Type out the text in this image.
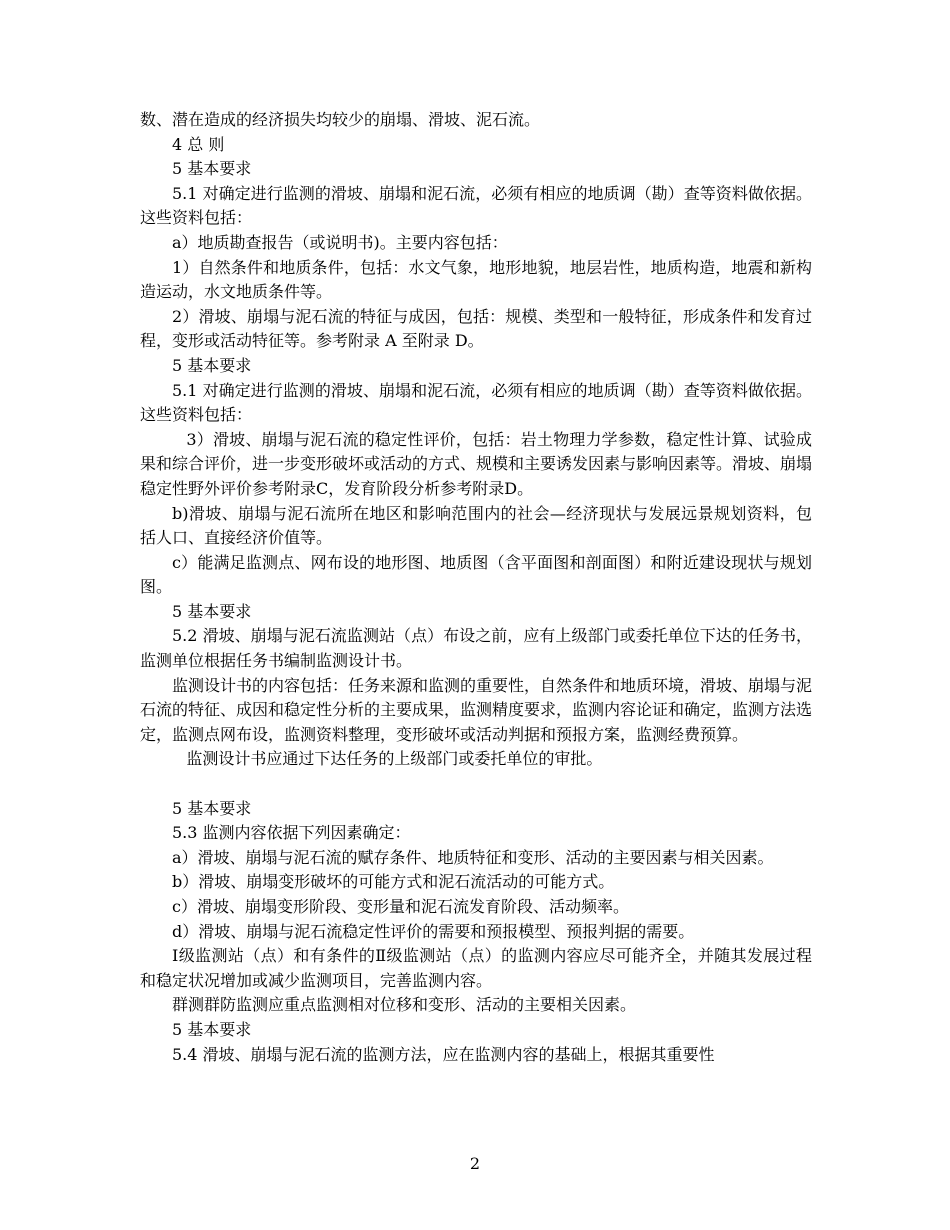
数、潜在造成的经济损失均较少的崩塌、滑坡、泥石流。

4 总 则

5 基本要求

5.1 对确定进行监测的滑坡、崩塌和泥石流，必须有相应的地质调（勘）查等资料做依据。这些资料包括：

a）地质勘查报告（或说明书)。主要内容包括：

1）自然条件和地质条件，包括：水文气象，地形地貌，地层岩性，地质构造，地震和新构造运动，水文地质条件等。

2）滑坡、崩塌与泥石流的特征与成因，包括：规模、类型和一般特征，形成条件和发育过程，变形或活动特征等。参考附录 A 至附录 D。

5 基本要求

5.1 对确定进行监测的滑坡、崩塌和泥石流，必须有相应的地质调（勘）查等资料做依据。这些资料包括：

3）滑坡、崩塌与泥石流的稳定性评价，包括：岩土物理力学参数，稳定性计算、试验成果和综合评价，进一步变形破坏或活动的方式、规模和主要诱发因素与影响因素等。滑坡、崩塌稳定性野外评价参考附录C，发育阶段分析参考附录D。

b)滑坡、崩塌与泥石流所在地区和影响范围内的社会—经济现状与发展远景规划资料，包括人口、直接经济价值等。

c）能满足监测点、网布设的地形图、地质图（含平面图和剖面图）和附近建设现状与规划图。

5 基本要求

5.2 滑坡、崩塌与泥石流监测站（点）布设之前，应有上级部门或委托单位下达的任务书，监测单位根据任务书编制监测设计书。

监测设计书的内容包括：任务来源和监测的重要性，自然条件和地质环境，滑坡、崩塌与泥石流的特征、成因和稳定性分析的主要成果，监测精度要求，监测内容论证和确定，监测方法选定，监测点网布设，监测资料整理，变形破坏或活动判据和预报方案，监测经费预算。

监测设计书应通过下达任务的上级部门或委托单位的审批。

5 基本要求

5.3 监测内容依据下列因素确定：

a）滑坡、崩塌与泥石流的赋存条件、地质特征和变形、活动的主要因素与相关因素。

b）滑坡、崩塌变形破坏的可能方式和泥石流活动的可能方式。

c）滑坡、崩塌变形阶段、变形量和泥石流发育阶段、活动频率。

d）滑坡、崩塌与泥石流稳定性评价的需要和预报模型、预报判据的需要。

Ⅰ级监测站（点）和有条件的Ⅱ级监测站（点）的监测内容应尽可能齐全，并随其发展过程和稳定状况增加或减少监测项目，完善监测内容。

群测群防监测应重点监测相对位移和变形、活动的主要相关因素。

5 基本要求

5.4 滑坡、崩塌与泥石流的监测方法，应在监测内容的基础上，根据其重要性

2
